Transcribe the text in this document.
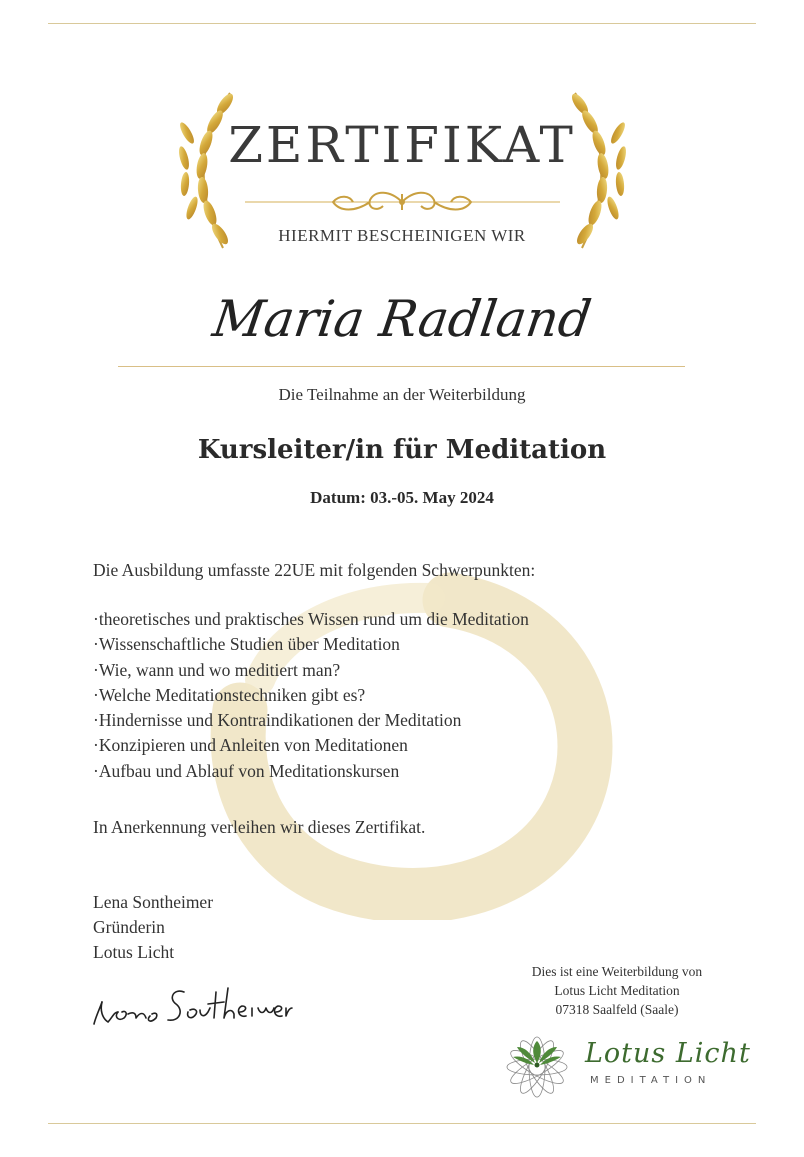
ZERTIFIKAT
HIERMIT BESCHEINIGEN WIR
Maria Radland
Die Teilnahme an der Weiterbildung
Kursleiter/in für Meditation
Datum: 03.-05. May 2024
Die Ausbildung umfasste 22UE mit folgenden Schwerpunkten:
·theoretisches und praktisches Wissen rund um die Meditation
·Wissenschaftliche Studien über Meditation
·Wie, wann und wo meditiert man?
·Welche Meditationstechniken gibt es?
·Hindernisse und Kontraindikationen der Meditation
·Konzipieren und Anleiten von Meditationen
·Aufbau und Ablauf von Meditationskursen
In Anerkennung verleihen wir dieses Zertifikat.
Lena Sontheimer
Gründerin
Lotus Licht
Lena Sontheimer	Dies ist eine Weiterbildung von
Lotus Licht Meditation
07318 Saalfeld (Saale)
Lotus Licht
MEDITATION
